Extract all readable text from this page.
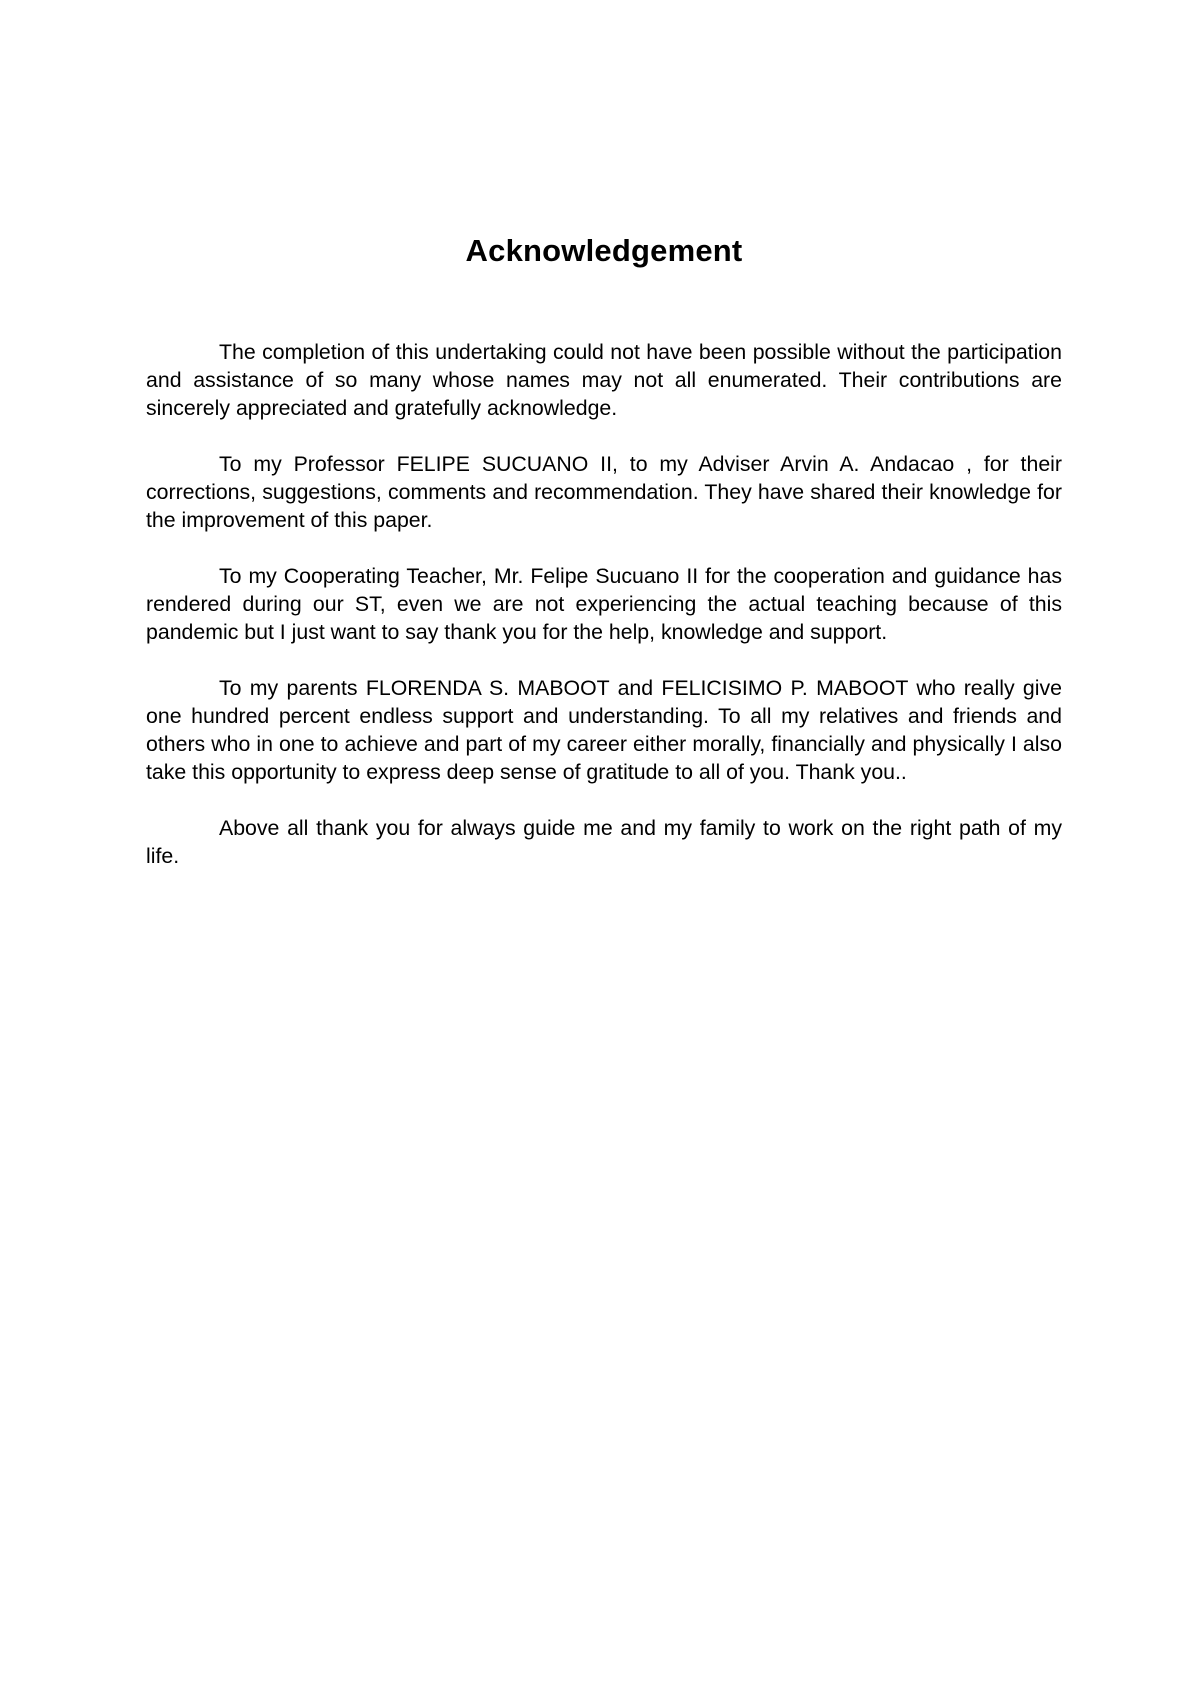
Acknowledgement

The completion of this undertaking could not have been possible without the participation and assistance of so many whose names may not all enumerated. Their contributions are sincerely appreciated and gratefully acknowledge.

To my Professor FELIPE SUCUANO II, to my Adviser Arvin A. Andacao , for their corrections, suggestions, comments and recommendation. They have shared their knowledge for the improvement of this paper.

To my Cooperating Teacher, Mr. Felipe Sucuano II for the cooperation and guidance has rendered during our ST, even we are not experiencing the actual teaching because of this pandemic but I just want to say thank you for the help, knowledge and support.

To my parents FLORENDA S. MABOOT and FELICISIMO P. MABOOT who really give one hundred percent endless support and understanding. To all my relatives and friends and others who in one to achieve and part of my career either morally, financially and physically I also take this opportunity to express deep sense of gratitude to all of you. Thank you..

Above all thank you for always guide me and my family to work on the right path of my life.
